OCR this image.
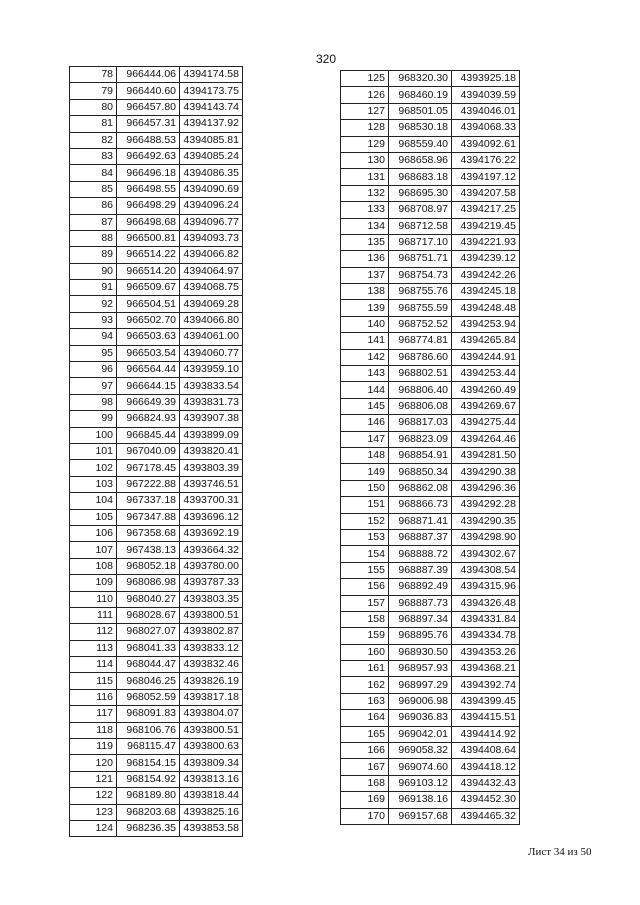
320
78	966444.06	4394174.58
79	966440.60	4394173.75
80	966457.80	4394143.74
81	966457.31	4394137.92
82	966488.53	4394085.81
83	966492.63	4394085.24
84	966496.18	4394086.35
85	966498.55	4394090.69
86	966498.29	4394096.24
87	966498.68	4394096.77
88	966500.81	4394093.73
89	966514.22	4394066.82
90	966514.20	4394064.97
91	966509.67	4394068.75
92	966504.51	4394069.28
93	966502.70	4394066.80
94	966503.63	4394061.00
95	966503.54	4394060.77
96	966564.44	4393959.10
97	966644.15	4393833.54
98	966649.39	4393831.73
99	966824.93	4393907.38
100	966845.44	4393899.09
101	967040.09	4393820.41
102	967178.45	4393803.39
103	967222.88	4393746.51
104	967337.18	4393700.31
105	967347.88	4393696.12
106	967358.68	4393692.19
107	967438.13	4393664.32
108	968052.18	4393780.00
109	968086.98	4393787.33
110	968040.27	4393803.35
111	968028.67	4393800.51
112	968027.07	4393802.87
113	968041.33	4393833.12
114	968044.47	4393832.46
115	968046.25	4393826.19
116	968052.59	4393817.18
117	968091.83	4393804.07
118	968106.76	4393800.51
119	968115.47	4393800.63
120	968154.15	4393809.34
121	968154.92	4393813.16
122	968189.80	4393818.44
123	968203.68	4393825.16
124	968236.35	4393853.58
125	968320.30	4393925.18
126	968460.19	4394039.59
127	968501.05	4394046.01
128	968530.18	4394068.33
129	968559.40	4394092.61
130	968658.96	4394176.22
131	968683.18	4394197.12
132	968695.30	4394207.58
133	968708.97	4394217.25
134	968712.58	4394219.45
135	968717.10	4394221.93
136	968751.71	4394239.12
137	968754.73	4394242.26
138	968755.76	4394245.18
139	968755.59	4394248.48
140	968752.52	4394253.94
141	968774.81	4394265.84
142	968786.60	4394244.91
143	968802.51	4394253.44
144	968806.40	4394260.49
145	968806.08	4394269.67
146	968817.03	4394275.44
147	968823.09	4394264.46
148	968854.91	4394281.50
149	968850.34	4394290.38
150	968862.08	4394296.36
151	968866.73	4394292.28
152	968871.41	4394290.35
153	968887.37	4394298.90
154	968888.72	4394302.67
155	968887.39	4394308.54
156	968892.49	4394315.96
157	968887.73	4394326.48
158	968897.34	4394331.84
159	968895.76	4394334.78
160	968930.50	4394353.26
161	968957.93	4394368.21
162	968997.29	4394392.74
163	969006.98	4394399.45
164	969036.83	4394415.51
165	969042.01	4394414.92
166	969058.32	4394408.64
167	969074.60	4394418.12
168	969103.12	4394432.43
169	969138.16	4394452.30
170	969157.68	4394465.32
Лист 34 из 50
